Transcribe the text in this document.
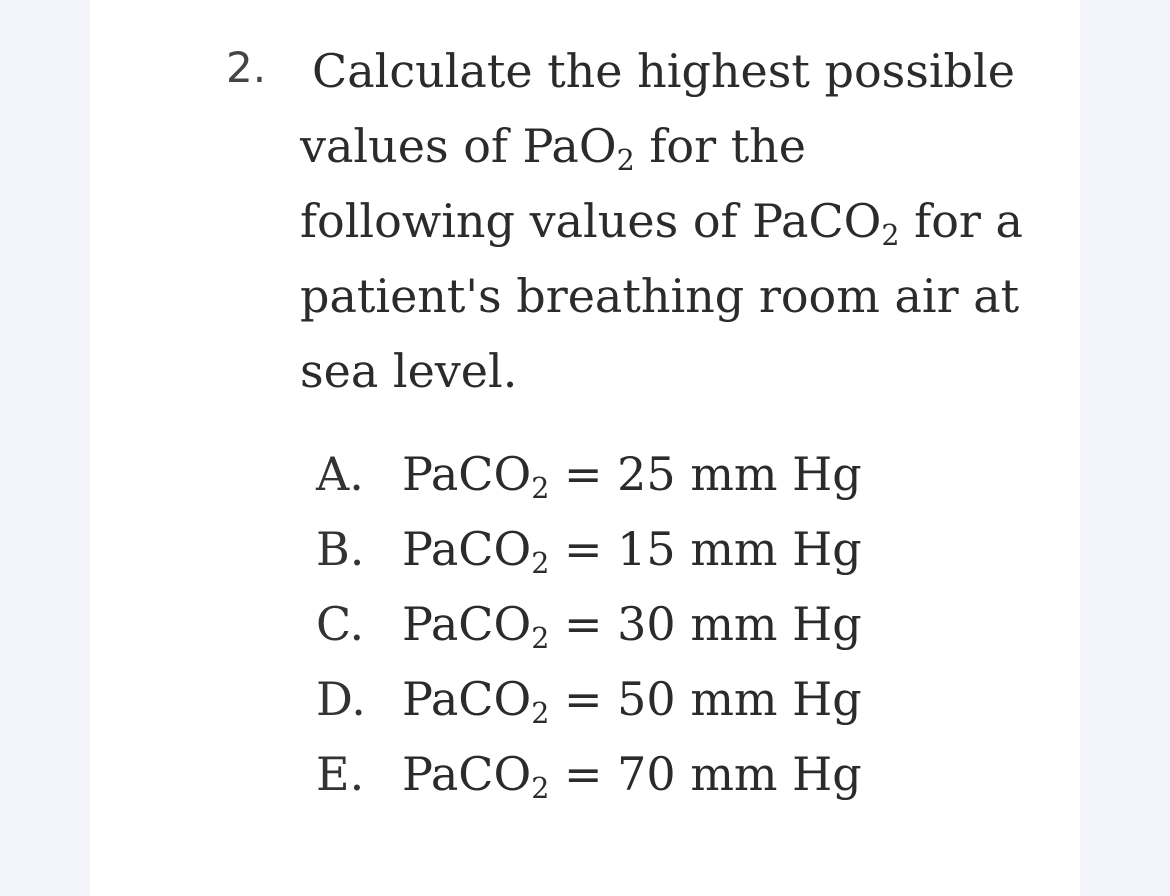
2. Calculate the highest possible
values of PaO$_2$ for the
following values of PaCO$_2$ for a
patient's breathing room air at
sea level.
A. PaCO$_2$ = 25 mm Hg
B. PaCO$_2$ = 15 mm Hg
C. PaCO$_2$ = 30 mm Hg
D. PaCO$_2$ = 50 mm Hg
E. PaCO$_2$ = 70 mm Hg
